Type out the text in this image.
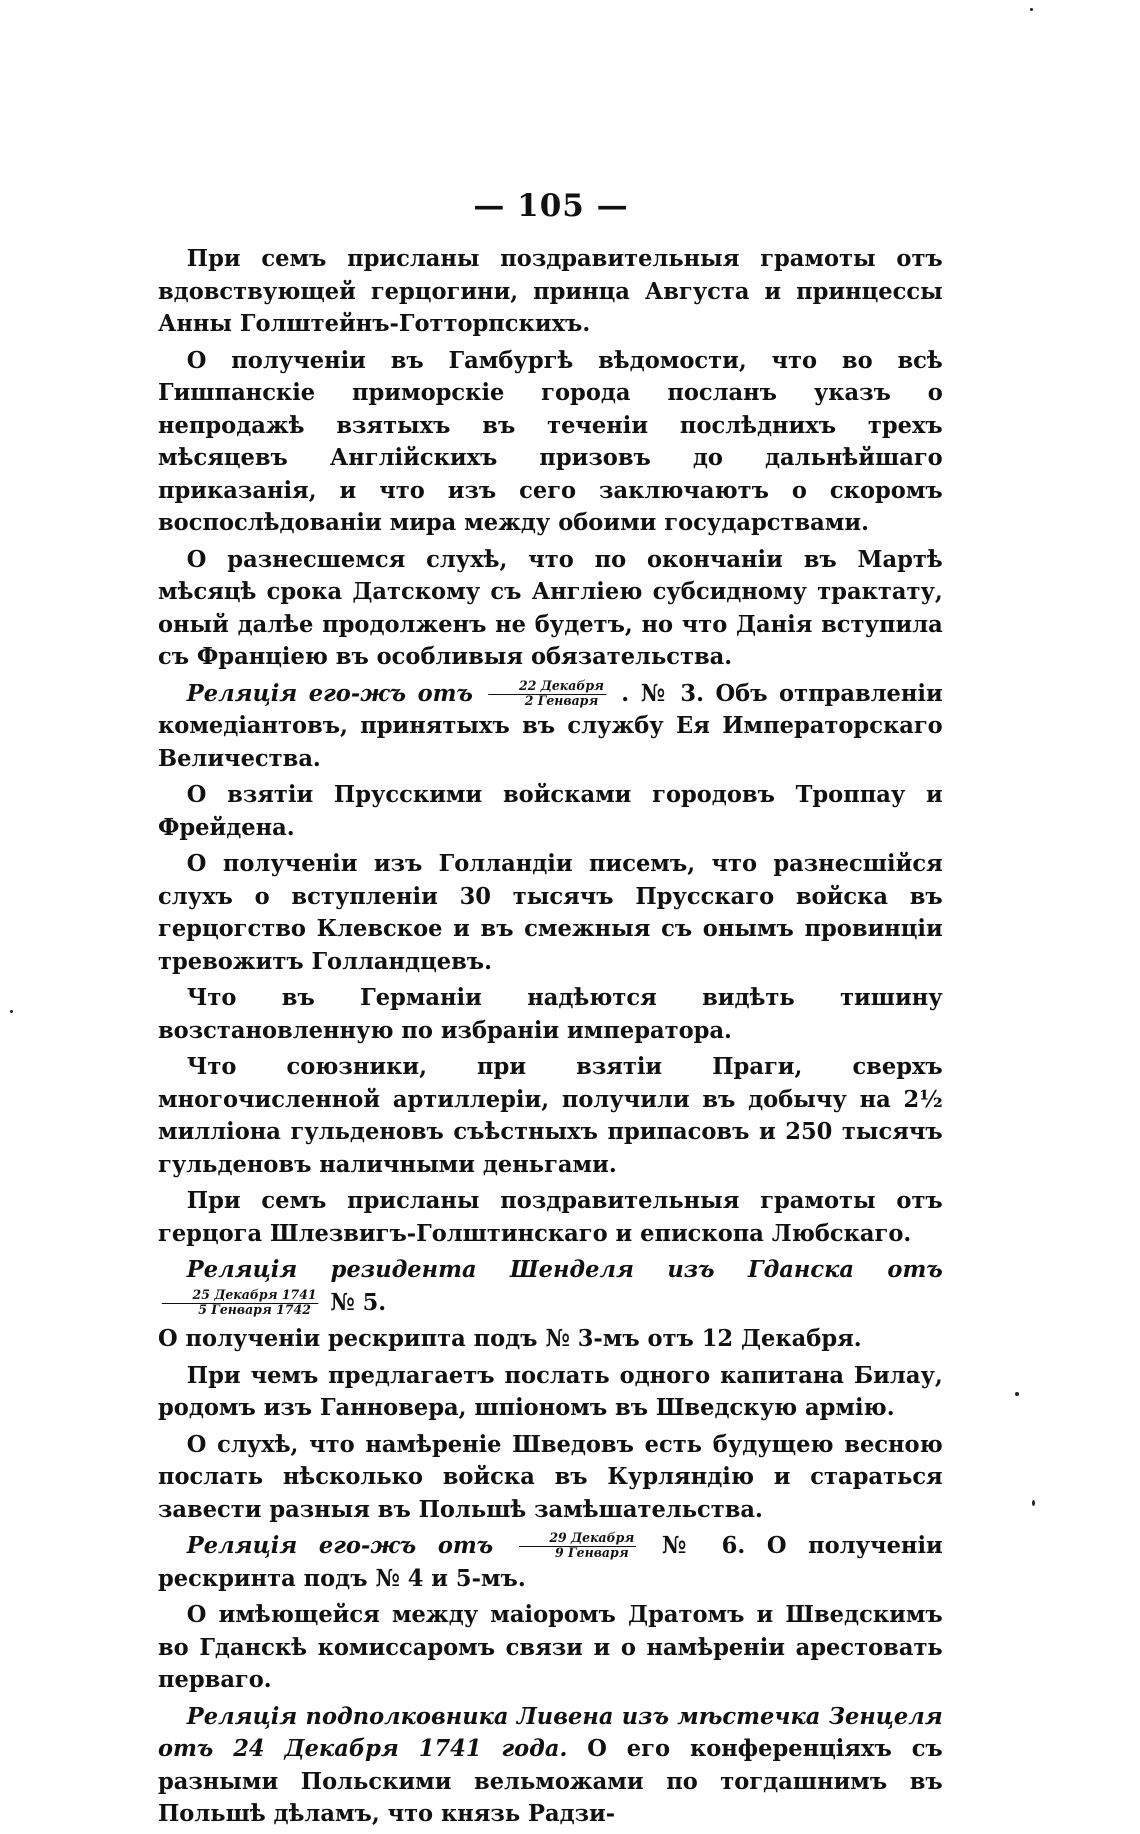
— 105 —

При семъ присланы поздравительныя грамоты отъ вдовствующей герцогини, принца Августа и принцессы Анны Голштейнъ-Готторпскихъ.

О полученіи въ Гамбургѣ вѣдомости, что во всѣ Гишпанскіе приморскіе города посланъ указъ о непродажѣ взятыхъ въ теченіи послѣднихъ трехъ мѣсяцевъ Англійскихъ призовъ до дальнѣйшаго приказанія, и что изъ сего заключаютъ о скоромъ воспослѣдованіи мира между обоими государствами.

О разнесшемся слухѣ, что по окончаніи въ Мартѣ мѣсяцѣ срока Датскому съ Англіею субсидному трактату, оный далѣе продолженъ не будетъ, но что Данія вступила съ Франціею въ особливыя обязательства.

Реляція его-жъ отъ $\frac{\text{22 Декабря}}{\text{2 Генваря}}$ . № 3. Объ отправленіи комедіантовъ, принятыхъ въ службу Ея Императорскаго Величества.

О взятіи Прусскими войсками городовъ Троппау и Фрейдена.

О полученіи изъ Голландіи писемъ, что разнесшійся слухъ о вступленіи 30 тысячъ Прусскаго войска въ герцогство Клевское и въ смежныя съ онымъ провинціи тревожитъ Голландцевъ.

Что въ Германіи надѣются видѣть тишину возстановленную по избраніи императора.

Что союзники, при взятіи Праги, сверхъ многочисленной артиллеріи, получили въ добычу на 2½ милліона гульденовъ съѣстныхъ припасовъ и 250 тысячъ гульденовъ наличными деньгами.

При семъ присланы поздравительныя грамоты отъ герцога Шлезвигъ-Голштинскаго и епископа Любскаго.

Реляція резидента Шенделя изъ Гданска отъ
$\frac{\text{25 Декабря 1741}}{\text{5 Генваря 1742}}$ № 5.

О полученіи рескрипта подъ № 3-мъ отъ 12 Декабря.

При чемъ предлагаетъ послать одного капитана Билау, родомъ изъ Ганновера, шпіономъ въ Шведскую армію.

О слухѣ, что намѣреніе Шведовъ есть будущею весною послать нѣсколько войска въ Курляндію и стараться завести разныя въ Польшѣ замѣшательства.

Реляція его-жъ отъ $\frac{\text{29 Декабря}}{\text{9 Генваря}}$ № 6. О полученіи рескринта подъ № 4 и 5-мъ.

О имѣющейся между маіоромъ Дратомъ и Шведскимъ во Гданскѣ комиссаромъ связи и о намѣреніи арестовать перваго.

Реляція подполковника Ливена изъ мѣстечка Зенцеля отъ 24 Декабря 1741 года. О его конференціяхъ съ разными Польскими вельможами по тогдашнимъ въ Польшѣ дѣламъ, что князь Радзи-
